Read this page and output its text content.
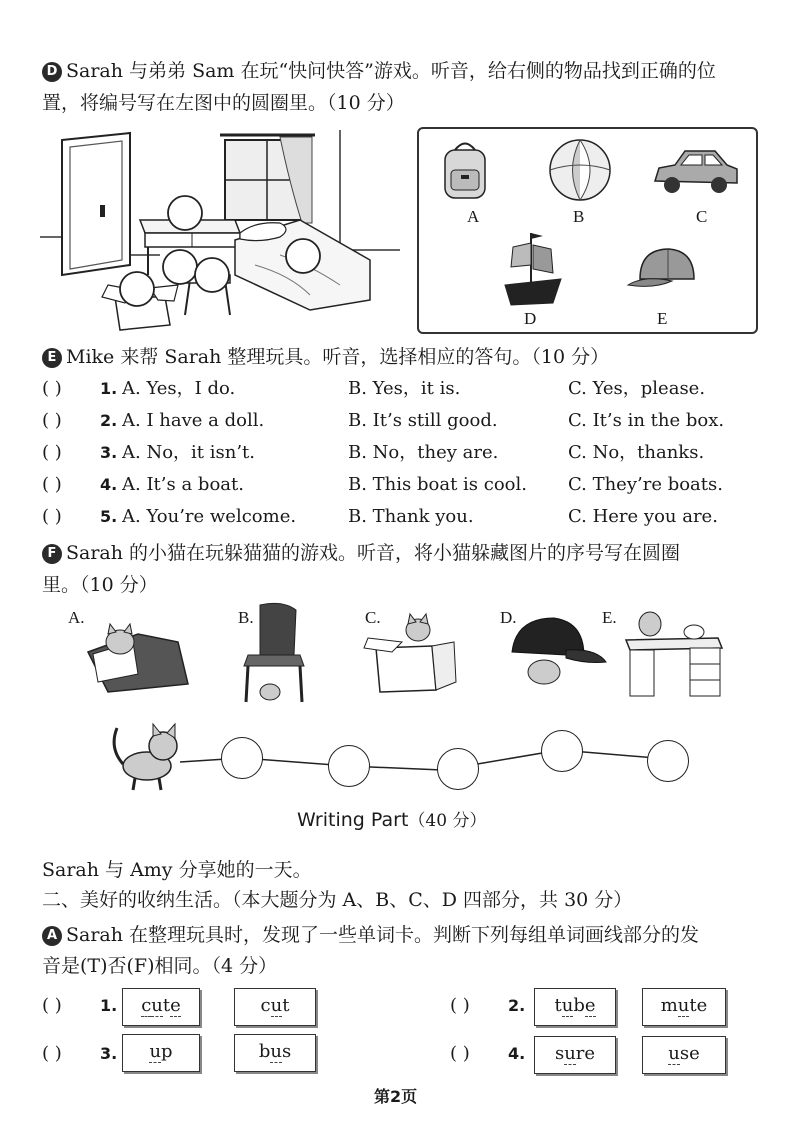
D Sarah 与弟弟 Sam 在玩“快问快答”游戏。听音，给右侧的物品找到正确的位
置，将编号写在左图中的圆圈里。（10 分）
A	B	C
D	E
E Mike 来帮 Sarah 整理玩具。听音，选择相应的答句。（10 分）
( ) 1. A. Yes，I do.	B. Yes，it is.	C. Yes，please.
( ) 2. A. I have a doll.	B. It’s still good.	C. It’s in the box.
( ) 3. A. No，it isn’t.	B. No，they are.	C. No，thanks.
( ) 4. A. It’s a boat.	B. This boat is cool. C. They’re boats.
( ) 5. A. You’re welcome.	B. Thank you.	C. Here you are.
F Sarah 的小猫在玩躲猫猫的游戏。听音，将小猫躲藏图片的序号写在圆圈
里。（10 分）
A.	B.	C.	D.	E.
Writing Part（40 分）
Sarah 与 Amy 分享她的一天。
二、美好的收纳生活。（本大题分为 A、B、C、D 四部分，共 30 分）
A Sarah 在整理玩具时，发现了一些单词卡。判断下列每组单词画线部分的发
音是(T)否(F)相同。（4 分）
( ) 1.	cute	cut	( ) 2.	tube	mute
( ) 3.	up	bus	( ) 4.	sure	use
第2页
